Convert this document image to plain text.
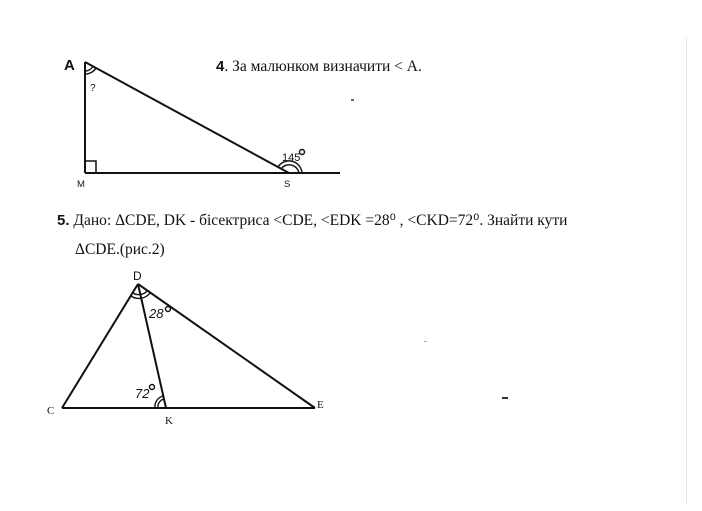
A
M	S
?
145
4. За малюнком визначити < A.
5. Дано: ΔCDE, DK - бісектриса <CDE, <EDK =28⁰ , <CKD=72⁰. Знайти кути
ΔCDE.(рис.2)
D
C	E
K
28
72
